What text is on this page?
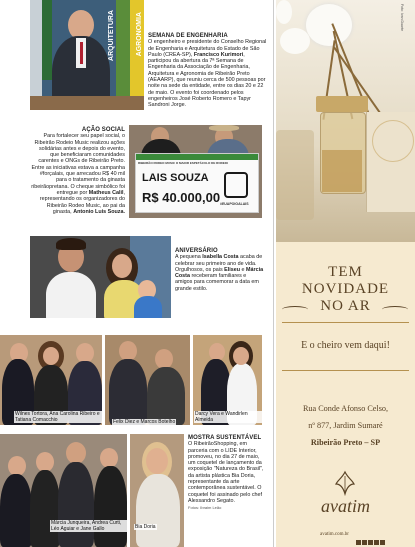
ARQUITETURA	AGRONOMIA SEMANA DE ENGENHARIA
O engenheiro e presidente do Conselho Regional de Engenharia e Arquitetura do Estado de São Paulo (CREA-SP), Francisco Kurimori, participou da abertura da 7ª Semana de Engenharia da Associação de Engenharia, Arquitetura e Agronomia de Ribeirão Preto (AEAARP), que reuniu cerca de 500 pessoas por noite na sede da entidade, entre os dias 20 e 22 de maio. O evento foi coordenado pelos engenheiros José Roberto Romero e Tapyr Sandroni Jorge.
AÇÃO SOCIAL
Para fortalecer seu papel social, o Ribeirão Rodeio Music realizou ações solidárias antes e depois do evento, que beneficiaram comunidades carentes e ONGs de Ribeirão Preto. Entre as iniciativas estava a campanha #forçalais, que arrecadou R$ 40 mil para o tratamento da ginasta ribeirãopretana. O cheque simbólico foi entregue por Matheus Calil, representando os organizadores do Ribeirão Rodeo Music, ao pai da ginasta, Antonio Luis Souza.
RIBEIRÃO RODEO MUSIC O MAIOR ESPETÁCULO DE RODEIO
LAIS SOUZA
R$ 40.000,00 #EUAPOIOALAIS
ANIVERSÁRIO
A pequena Isabella Costa acaba de celebrar seu primeiro ano de vida. Orgulhosos, os pais Eliseu e Márcia Costa receberam familiares e amigos para comemorar a data em grande estilo.
Wilnes Tortora, Ana Carolina Ribeiro e Tatiana Comacchio	Felix Diez e Marcos Botelho
Darcy Vera e Wandirlen Almeida
Márcia Junqueira, Andrea Curti, Léo Aguiar e Jane Gallo	Bia Doria
MOSTRA SUSTENTÁVEL
O RibeirãoShopping, em parceria com o LIDE Interior, promoveu, no dia 27 de maio, um coquetel de lançamento da exposição "Natureza do Brasil", da artista plástica Bia Doria, representante da arte contemporânea sustentável. O coquetel foi assinado pelo chef Alessandro Segato.
Fotos: Ibraim Leão
Foto: Ivan Duarte
TEM
NOVIDADE
NO AR
E o cheiro vem daqui!
Rua Conde Afonso Celso,
nº 877, Jardim Sumaré
Ribeirão Preto – SP
avatim
avatim.com.br
